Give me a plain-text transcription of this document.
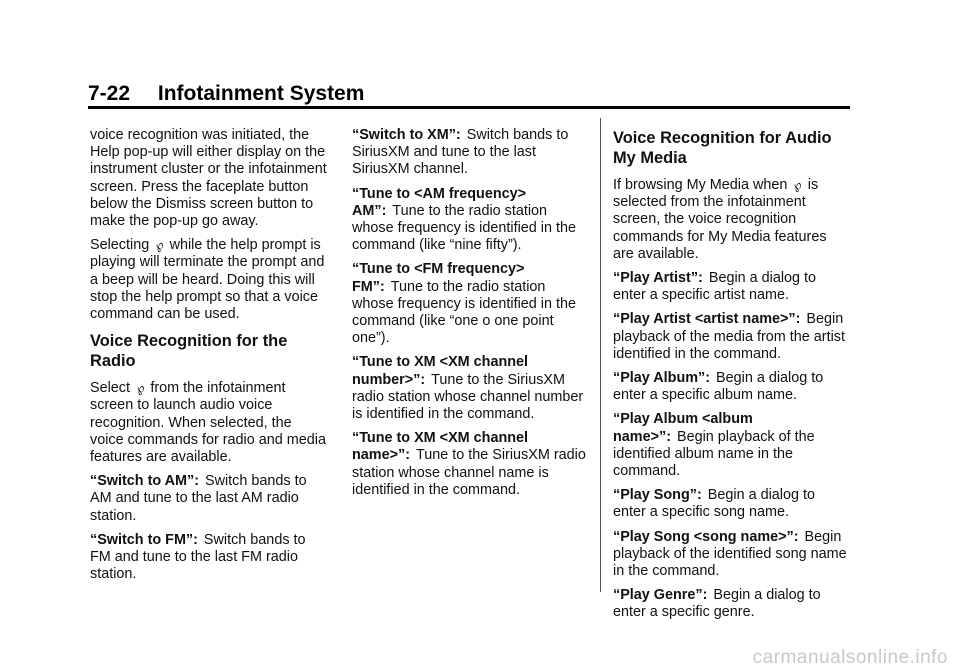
7-22 Infotainment System

voice recognition was initiated, the Help pop-up will either display on the instrument cluster or the infotainment screen. Press the faceplate button below the Dismiss screen button to make the pop-up go away.

Selecting ℘ while the help prompt is playing will terminate the prompt and a beep will be heard. Doing this will stop the help prompt so that a voice command can be used.

Voice Recognition for the Radio

Select ℘ from the infotainment screen to launch audio voice recognition. When selected, the voice commands for radio and media features are available.

“Switch to AM”: Switch bands to AM and tune to the last AM radio station.

“Switch to FM”: Switch bands to FM and tune to the last FM radio station.

“Switch to XM”: Switch bands to SiriusXM and tune to the last SiriusXM channel.

“Tune to <AM frequency> AM”: Tune to the radio station whose frequency is identified in the command (like “nine fifty”).

“Tune to <FM frequency> FM”: Tune to the radio station whose frequency is identified in the command (like “one o one point one”).

“Tune to XM <XM channel number>”: Tune to the SiriusXM radio station whose channel number is identified in the command.

“Tune to XM <XM channel name>”: Tune to the SiriusXM radio station whose channel name is identified in the command.

Voice Recognition for Audio My Media

If browsing My Media when ℘ is selected from the infotainment screen, the voice recognition commands for My Media features are available.

“Play Artist”: Begin a dialog to enter a specific artist name.

“Play Artist <artist name>”: Begin playback of the media from the artist identified in the command.

“Play Album”: Begin a dialog to enter a specific album name.

“Play Album <album name>”: Begin playback of the identified album name in the command.

“Play Song”: Begin a dialog to enter a specific song name.

“Play Song <song name>”: Begin playback of the identified song name in the command.

“Play Genre”: Begin a dialog to enter a specific genre.

carmanualsonline.info
